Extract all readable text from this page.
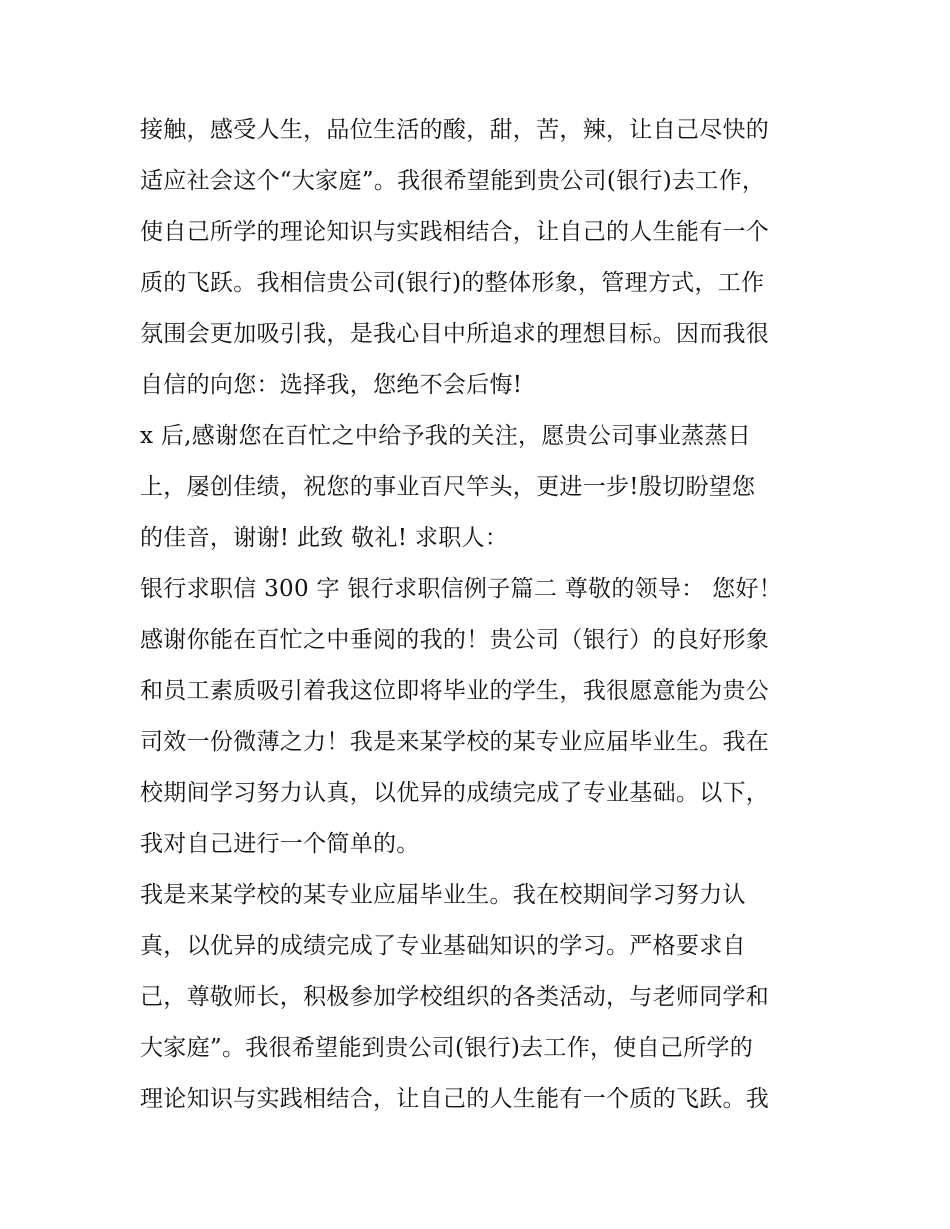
接触，感受人生，品位生活的酸，甜，苦，辣，让自己尽快的
适应社会这个“大家庭”。我很希望能到贵公司(银行)去工作，
使自己所学的理论知识与实践相结合，让自己的人生能有一个
质的飞跃。我相信贵公司(银行)的整体形象，管理方式，工作
氛围会更加吸引我，是我心目中所追求的理想目标。因而我很
自信的向您：选择我，您绝不会后悔!
x 后,感谢您在百忙之中给予我的关注，愿贵公司事业蒸蒸日
上，屡创佳绩，祝您的事业百尺竿头，更进一步!殷切盼望您
的佳音，谢谢! 此致 敬礼! 求职人：
银行求职信 300 字 银行求职信例子篇二 尊敬的领导： 您好！
感谢你能在百忙之中垂阅的我的！贵公司（银行）的良好形象
和员工素质吸引着我这位即将毕业的学生，我很愿意能为贵公
司效一份微薄之力！我是来某学校的某专业应届毕业生。我在
校期间学习努力认真，以优异的成绩完成了专业基础。以下，
我对自己进行一个简单的。
我是来某学校的某专业应届毕业生。我在校期间学习努力认
真，以优异的成绩完成了专业基础知识的学习。严格要求自
己，尊敬师长，积极参加学校组织的各类活动，与老师同学和
大家庭”。我很希望能到贵公司(银行)去工作，使自己所学的
理论知识与实践相结合，让自己的人生能有一个质的飞跃。我
